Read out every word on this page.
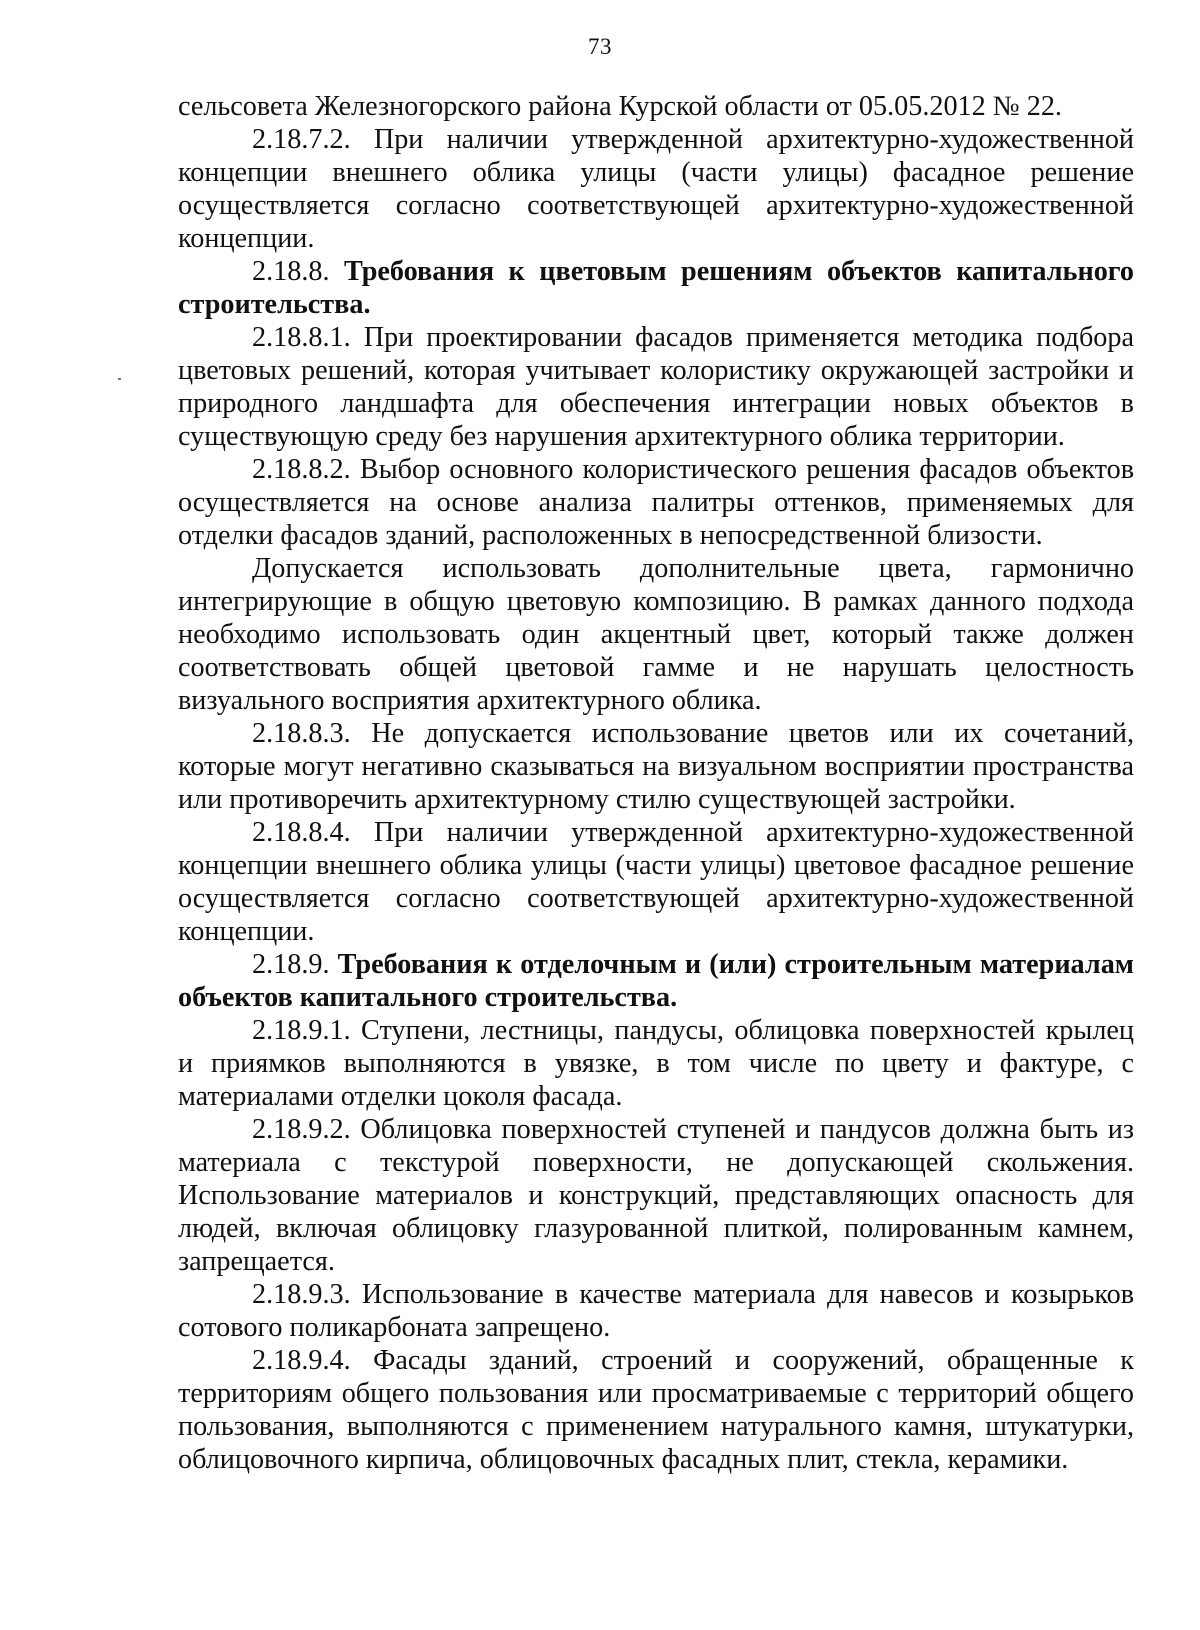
73

сельсовета Железногорского района Курской области от 05.05.2012 № 22.

2.18.7.2. При наличии утвержденной архитектурно-художественной концепции внешнего облика улицы (части улицы) фасадное решение осуществляется согласно соответствующей архитектурно-художественной концепции.

2.18.8. Требования к цветовым решениям объектов капитального строительства.

2.18.8.1. При проектировании фасадов применяется методика подбора цветовых решений, которая учитывает колористику окружающей застройки и природного ландшафта для обеспечения интеграции новых объектов в существующую среду без нарушения архитектурного облика территории.

2.18.8.2. Выбор основного колористического решения фасадов объектов осуществляется на основе анализа палитры оттенков, применяемых для отделки фасадов зданий, расположенных в непосредственной близости.

Допускается использовать дополнительные цвета, гармонично интегрирующие в общую цветовую композицию. В рамках данного подхода необходимо использовать один акцентный цвет, который также должен соответствовать общей цветовой гамме и не нарушать целостность визуального восприятия архитектурного облика.

2.18.8.3. Не допускается использование цветов или их сочетаний, которые могут негативно сказываться на визуальном восприятии пространства или противоречить архитектурному стилю существующей застройки.

2.18.8.4. При наличии утвержденной архитектурно-художественной концепции внешнего облика улицы (части улицы) цветовое фасадное решение осуществляется согласно соответствующей архитектурно-художественной концепции.

2.18.9. Требования к отделочным и (или) строительным материалам объектов капитального строительства.

2.18.9.1. Ступени, лестницы, пандусы, облицовка поверхностей крылец и приямков выполняются в увязке, в том числе по цвету и фактуре, с материалами отделки цоколя фасада.

2.18.9.2. Облицовка поверхностей ступеней и пандусов должна быть из материала с текстурой поверхности, не допускающей скольжения. Использование материалов и конструкций, представляющих опасность для людей, включая облицовку глазурованной плиткой, полированным камнем, запрещается.

2.18.9.3. Использование в качестве материала для навесов и козырьков сотового поликарбоната запрещено.

2.18.9.4. Фасады зданий, строений и сооружений, обращенные к территориям общего пользования или просматриваемые с территорий общего пользования, выполняются с применением натурального камня, штукатурки, облицовочного кирпича, облицовочных фасадных плит, стекла, керамики.
